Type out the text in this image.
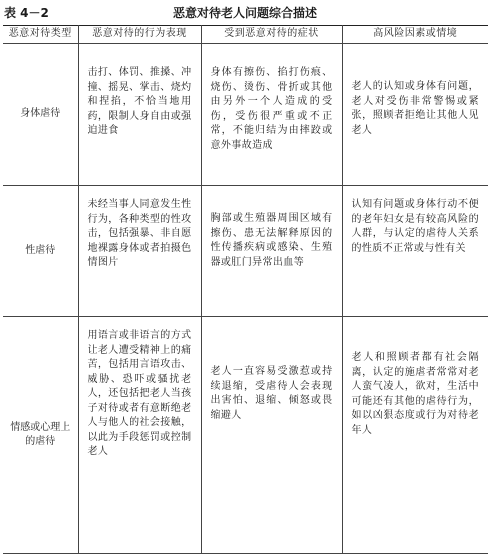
表 4－2	恶意对待老人问题综合描述
恶意对待类型	恶意对待的行为表现	受到恶意对待的症状	高风险因素或情境
身体虐待	击打、体罚、推搡、冲撞、摇晃、掌击、烧灼和捏掐，不恰当地用药，限制人身自由或强迫进食	身体有擦伤、掐打伤痕、烧伤、烫伤、骨折或其他由另外一个人造成的受伤，受伤很严重或不正常，不能归结为由摔跤或意外事故造成	老人的认知或身体有问题，老人对受伤非常警惕或紧张，照顾者拒绝让其他人见老人
性虐待	未经当事人同意发生性行为，各种类型的性攻击，包括强暴、非自愿地裸露身体或者拍摄色情图片	胸部或生殖器周围区域有擦伤、患无法解释原因的性传播疾病或感染、生殖器或肛门异常出血等	认知有问题或身体行动不便的老年妇女是有较高风险的人群，与认定的虐待人关系的性质不正常或与性有关
情感或心理上的虐待	用语言或非语言的方式让老人遭受精神上的痛苦，包括用言语攻击、威胁、恐吓或骚扰老人，还包括把老人当孩子对待或者有意断绝老人与他人的社会接触，以此为手段惩罚或控制老人	老人一直容易受激惹或持续退缩，受虐待人会表现出害怕、退缩、倾怒或畏缩避人	老人和照顾者都有社会隔离，认定的施虐者常常对老人蛮气凌人，欲对，生活中可能还有其他的虐待行为，如以凶狠态度或行为对待老年人
